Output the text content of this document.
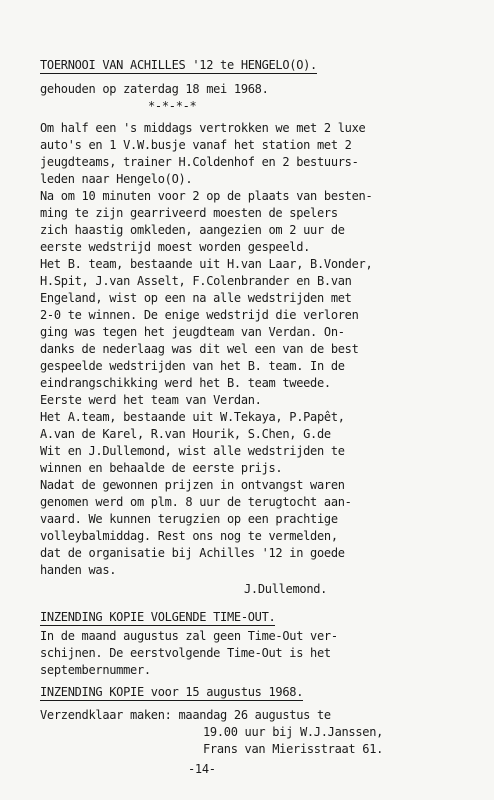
TOERNOOI VAN ACHILLES '12 te HENGELO(O).
gehouden op zaterdag 18 mei 1968.
*-*-*-*
Om half een 's middags vertrokken we met 2 luxe
auto's en 1 V.W.busje vanaf het station met 2
jeugdteams, trainer H.Coldenhof en 2 bestuurs-
leden naar Hengelo(O).
Na om 10 minuten voor 2 op de plaats van besten-
ming te zijn gearriveerd moesten de spelers
zich haastig omkleden, aangezien om 2 uur de
eerste wedstrijd moest worden gespeeld.
Het B. team, bestaande uit H.van Laar, B.Vonder,
H.Spit, J.van Asselt, F.Colenbrander en B.van
Engeland, wist op een na alle wedstrijden met
2-0 te winnen. De enige wedstrijd die verloren
ging was tegen het jeugdteam van Verdan. On-
danks de nederlaag was dit wel een van de best
gespeelde wedstrijden van het B. team. In de
eindrangschikking werd het B. team tweede.
Eerste werd het team van Verdan.
Het A.team, bestaande uit W.Tekaya, P.Papêt,
A.van de Karel, R.van Hourik, S.Chen, G.de
Wit en J.Dullemond, wist alle wedstrijden te
winnen en behaalde de eerste prijs.
Nadat de gewonnen prijzen in ontvangst waren
genomen werd om plm. 8 uur de terugtocht aan-
vaard. We kunnen terugzien op een prachtige
volleybalmiddag. Rest ons nog te vermelden,
dat de organisatie bij Achilles '12 in goede
handen was.
J.Dullemond.
INZENDING KOPIE VOLGENDE TIME-OUT.
In de maand augustus zal geen Time-Out ver-
schijnen. De eerstvolgende Time-Out is het
septembernummer.
INZENDING KOPIE voor 15 augustus 1968.
Verzendklaar maken: maandag 26 augustus te
19.00 uur bij W.J.Janssen,
Frans van Mierisstraat 61.
-14-
